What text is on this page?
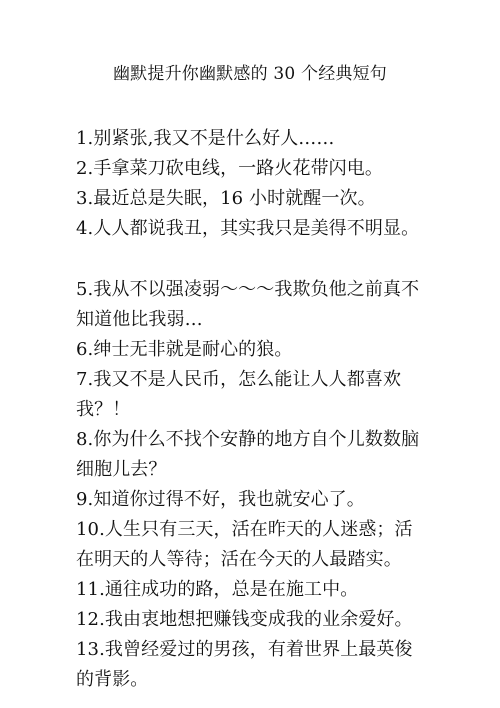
幽默提升你幽默感的 30 个经典短句

1.别紧张,我又不是什么好人……

2.手拿菜刀砍电线，一路火花带闪电。

3.最近总是失眠，16 小时就醒一次。

4.人人都说我丑，其实我只是美得不明显。

5.我从不以强凌弱～～～我欺负他之前真不知道他比我弱…

6.绅士无非就是耐心的狼。

7.我又不是人民币，怎么能让人人都喜欢我？！

8.你为什么不找个安静的地方自个儿数数脑细胞儿去？

9.知道你过得不好，我也就安心了。

10.人生只有三天，活在昨天的人迷惑；活在明天的人等待；活在今天的人最踏实。

11.通往成功的路，总是在施工中。

12.我由衷地想把赚钱变成我的业余爱好。

13.我曾经爱过的男孩，有着世界上最英俊的背影。
